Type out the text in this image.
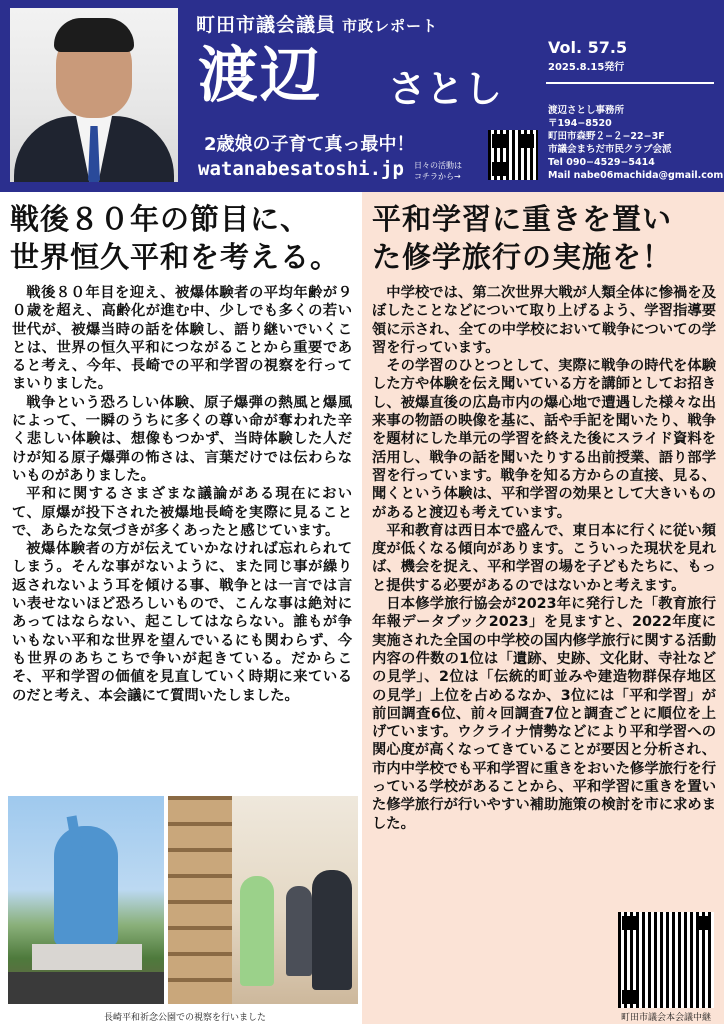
町田市議会議員 市政レポート
渡辺 さとし
2歳娘の子育て真っ最中！
watanabesatoshi.jp 日々の活動は
コチラから→
Vol. 57.5
2025.8.15発行
渡辺さとし事務所
〒194−8520
町田市森野２−２−22−3F
市議会まちだ市民クラブ会派
Tel 090−4529−5414
Mail nabe06machida@gmail.com
戦後８０年の節目に、
世界恒久平和を考える。
平和学習に重きを置い
た修学旅行の実施を！

戦後８０年目を迎え、被爆体験者の平均年齢が９０歳を超え、高齢化が進む中、少しでも多くの若い世代が、被爆当時の話を体験し、語り継いでいくことは、世界の恒久平和につながることから重要であると考え、今年、長崎での平和学習の視察を行ってまいりました。

戦争という恐ろしい体験、原子爆弾の熱風と爆風によって、一瞬のうちに多くの尊い命が奪われた辛く悲しい体験は、想像もつかず、当時体験した人だけが知る原子爆弾の怖さは、言葉だけでは伝わらないものがありました。

平和に関するさまざまな議論がある現在において、原爆が投下された被爆地長崎を実際に見ることで、あらたな気づきが多くあったと感じています。

被爆体験者の方が伝えていかなければ忘れられてしまう。そんな事がないように、また同じ事が繰り返されないよう耳を傾ける事、戦争とは一言では言い表せないほど恐ろしいもので、こんな事は絶対にあってはならない、起こしてはならない。誰もが争いもない平和な世界を望んでいるにも関わらず、今も世界のあちこちで争いが起きている。だからこそ、平和学習の価値を見直していく時期に来ているのだと考え、本会議にて質問いたしました。

中学校では、第二次世界大戦が人類全体に惨禍を及ぼしたことなどについて取り上げるよう、学習指導要領に示され、全ての中学校において戦争についての学習を行っています。

その学習のひとつとして、実際に戦争の時代を体験した方や体験を伝え聞いている方を講師としてお招きし、被爆直後の広島市内の爆心地で遭遇した様々な出来事の物語の映像を基に、話や手記を聞いたり、戦争を題材にした単元の学習を終えた後にスライド資料を活用し、戦争の話を聞いたりする出前授業、語り部学習を行っています。戦争を知る方からの直接、見る、聞くという体験は、平和学習の効果として大きいものがあると渡辺も考えています。

平和教育は西日本で盛んで、東日本に行くに従い頻度が低くなる傾向があります。こういった現状を見れば、機会を捉え、平和学習の場を子どもたちに、もっと提供する必要があるのではないかと考えます。

日本修学旅行協会が2023年に発行した「教育旅行年報データブック2023」を見ますと、2022年度に実施された全国の中学校の国内修学旅行に関する活動内容の件数の1位は「遺跡、史跡、文化財、寺社などの見学」、2位は「伝統的町並みや建造物群保存地区の見学」上位を占めるなか、3位には「平和学習」が前回調査6位、前々回調査7位と調査ごとに順位を上げています。ウクライナ情勢などにより平和学習への関心度が高くなってきていることが要因と分析され、市内中学校でも平和学習に重きをおいた修学旅行を行っている学校があることから、平和学習に重きを置いた修学旅行が行いやすい補助施策の検討を市に求めました。

長崎平和祈念公園での視察を行いました	町田市議会本会議中継
